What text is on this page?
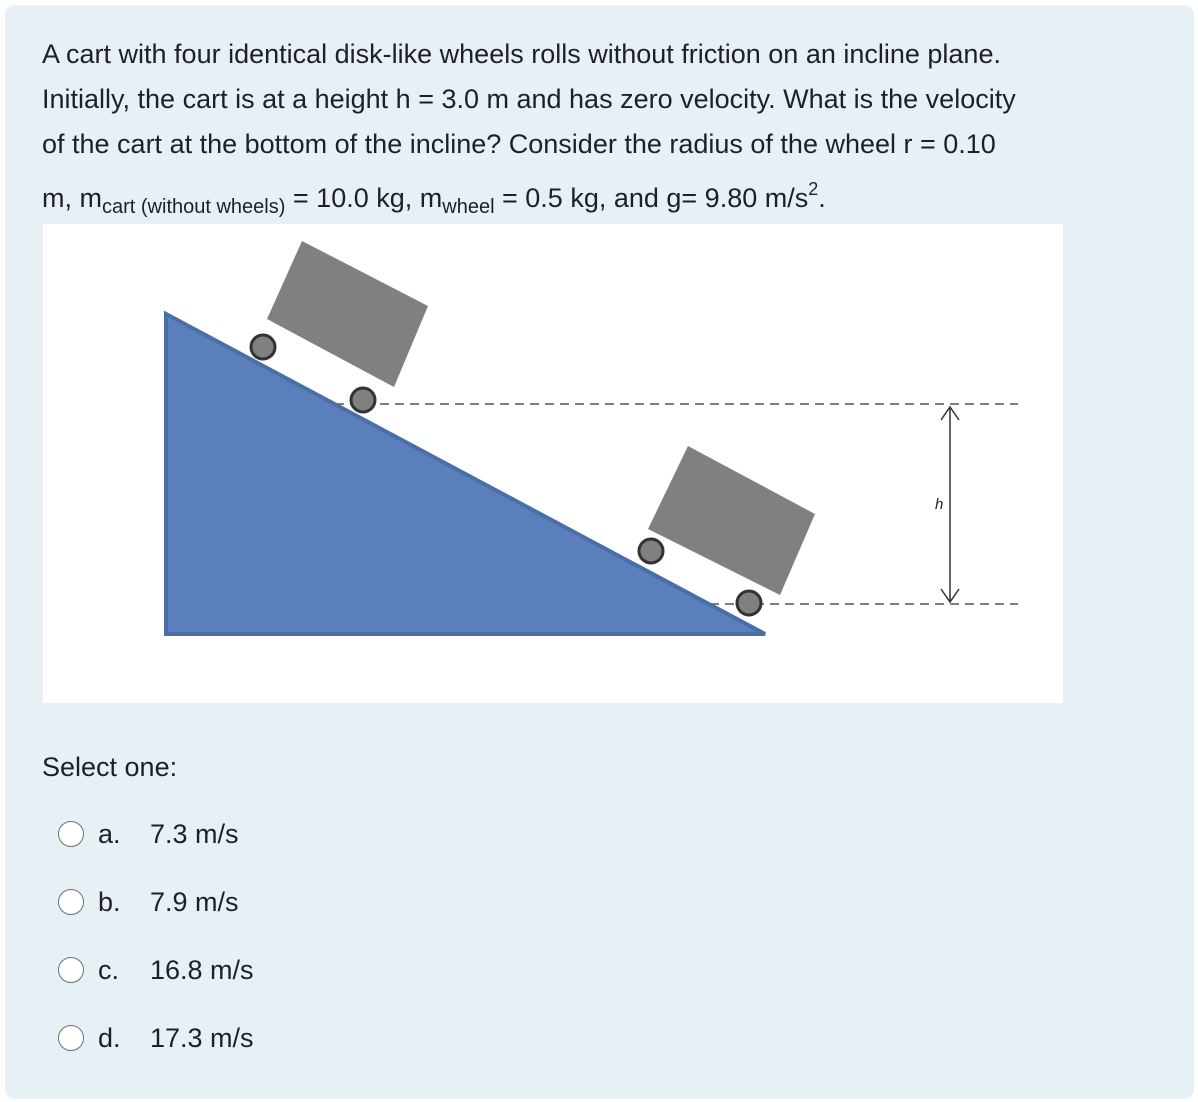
A cart with four identical disk-like wheels rolls without friction on an incline plane.
Initially, the cart is at a height h = 3.0 m and has zero velocity. What is the velocity
of the cart at the bottom of the incline? Consider the radius of the wheel r = 0.10
m, $m_{cart (without wheels)} = 10.0$ kg, $m_{wheel} = 0.5$ kg, and g= 9.80 $m/s^2$.

h
Select one:
a.	7.3 m/s
b.	7.9 m/s
c.	16.8 m/s
d.	17.3 m/s
